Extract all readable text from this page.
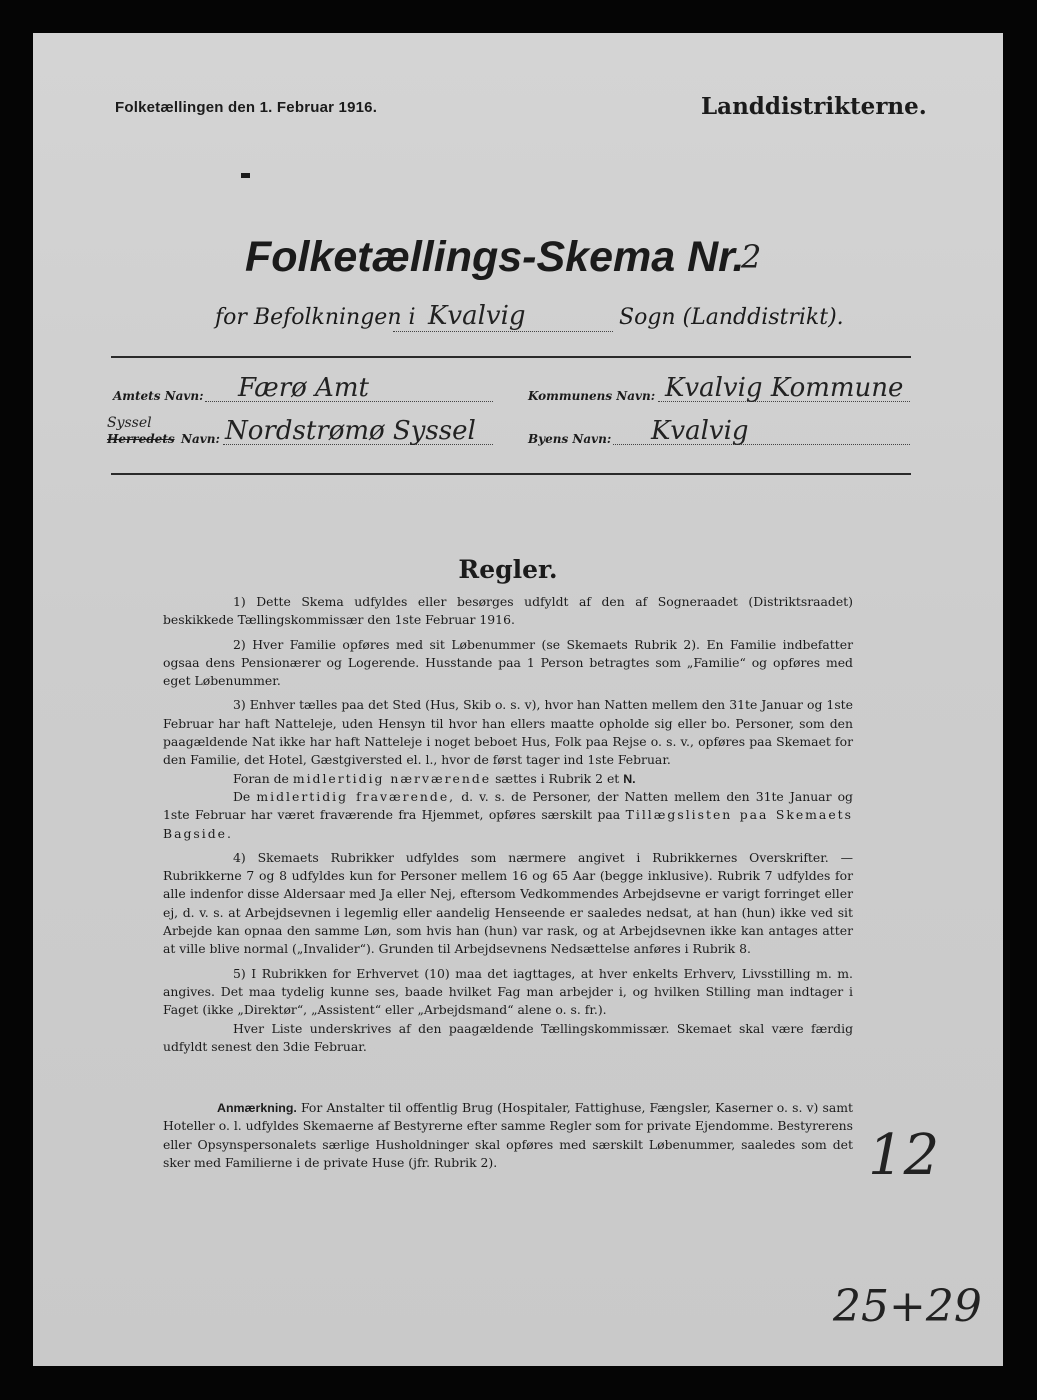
Folketællingen den 1. Februar 1916.	Landdistrikterne.
Folketællings-Skema Nr.
2
for Befolkningen i Kvalvig	Sogn (Landdistrikt).
Amtets Navn: Færø Amt	Kommunens Navn: Kvalvig Kommune
Herredets
Syssel
Navn: Nordstrømø Syssel	Byens Navn: Kvalvig
Regler.

1) Dette Skema udfyldes eller besørges udfyldt af den af Sogneraadet (Distriktsraadet) beskikkede Tællingskommissær den 1ste Februar 1916.

2) Hver Familie opføres med sit Løbenummer (se Skemaets Rubrik 2). En Familie indbefatter ogsaa dens Pensionærer og Logerende. Husstande paa 1 Person betragtes som „Familie“ og opføres med eget Løbenummer.

3) Enhver tælles paa det Sted (Hus, Skib o. s. v), hvor han Natten mellem den 31te Januar og 1ste Februar har haft Natteleje, uden Hensyn til hvor han ellers maatte opholde sig eller bo. Personer, som den paagældende Nat ikke har haft Natteleje i noget beboet Hus, Folk paa Rejse o. s. v., opføres paa Skemaet for den Familie, det Hotel, Gæstgiversted el. l., hvor de først tager ind 1ste Februar.

Foran de midlertidig nærværende sættes i Rubrik 2 et N.

De midlertidig fraværende, d. v. s. de Personer, der Natten mellem den 31te Januar og 1ste Februar har været fraværende fra Hjemmet, opføres særskilt paa Tillægslisten paa Skemaets Bagside.

4) Skemaets Rubrikker udfyldes som nærmere angivet i Rubrikkernes Overskrifter. — Rubrikkerne 7 og 8 udfyldes kun for Personer mellem 16 og 65 Aar (begge inklusive). Rubrik 7 udfyldes for alle indenfor disse Aldersaar med Ja eller Nej, eftersom Vedkommendes Arbejdsevne er varigt forringet eller ej, d. v. s. at Arbejdsevnen i legemlig eller aandelig Henseende er saaledes nedsat, at han (hun) ikke ved sit Arbejde kan opnaa den samme Løn, som hvis han (hun) var rask, og at Arbejdsevnen ikke kan antages atter at ville blive normal („Invalider“). Grunden til Arbejdsevnens Nedsættelse anføres i Rubrik 8.

5) I Rubrikken for Erhvervet (10) maa det iagttages, at hver enkelts Erhverv, Livsstilling m. m. angives. Det maa tydelig kunne ses, baade hvilket Fag man arbejder i, og hvilken Stilling man indtager i Faget (ikke „Direktør“, „Assistent“ eller „Arbejdsmand“ alene o. s. fr.).

Hver Liste underskrives af den paagældende Tællingskommissær. Skemaet skal være færdig udfyldt senest den 3die Februar.

Anmærkning. For Anstalter til offentlig Brug (Hospitaler, Fattighuse, Fængsler, Kaserner o. s. v) samt Hoteller o. l. udfyldes Skemaerne af Bestyrerne efter samme Regler som for private Ejendomme. Bestyrerens eller Opsynspersonalets særlige Husholdninger skal opføres med særskilt Løbenummer, saaledes som det sker med Familierne i de private Huse (jfr. Rubrik 2).	12
25+29
